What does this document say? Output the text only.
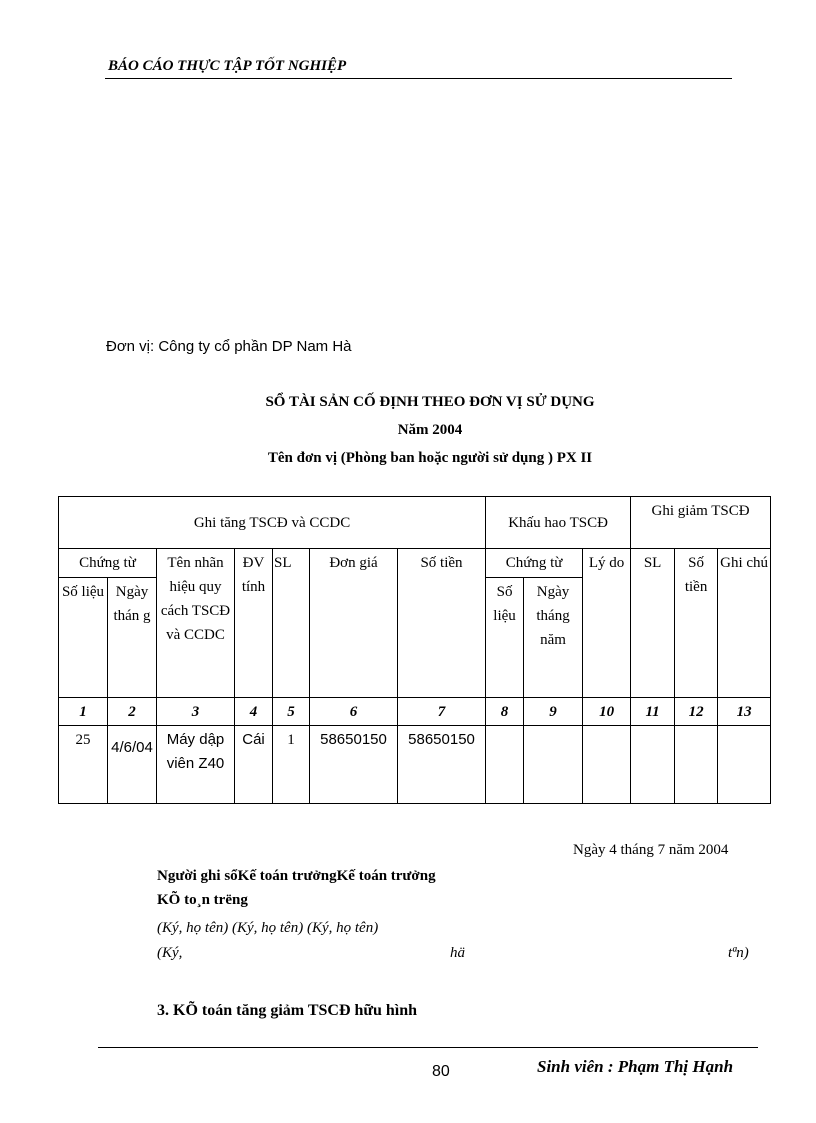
BÁO CÁO THỰC TẬP TỐT NGHIỆP
Đơn vị: Công ty cổ phần DP Nam Hà
SỔ TÀI SẢN CỐ ĐỊNH THEO ĐƠN VỊ SỬ DỤNG
Năm 2004
Tên đơn vị (Phòng ban hoặc người sử dụng ) PX II
Ghi tăng TSCĐ và CCDC							Khấu hao TSCĐ			Ghi giảm TSCĐ		
Chứng từ		Tên nhãn hiệu quy cách TSCĐ và CCDC	ĐV tính	SL	Đơn giá	Số tiền	Chứng từ		Lý do	SL	Số tiền	Ghi chú
Số liệu	Ngày thán g						Số liệu	Ngày tháng năm				
1	2	3	4	5	6	7	8	9	10	11	12	13
25	4/6/04	Máy dập viên Z40	Cái	1	58650150	58650150						
Ngày 4 tháng 7 năm 2004
Người ghi sổKế toán trưởngKế toán trưởng
KÕ to¸n trëng
(Ký, họ tên) (Ký, họ tên) (Ký, họ tên)
(Ký,	hä	tªn)
3. KÕ toán tăng giảm TSCĐ hữu hình
80	Sinh viên : Phạm Thị Hạnh
